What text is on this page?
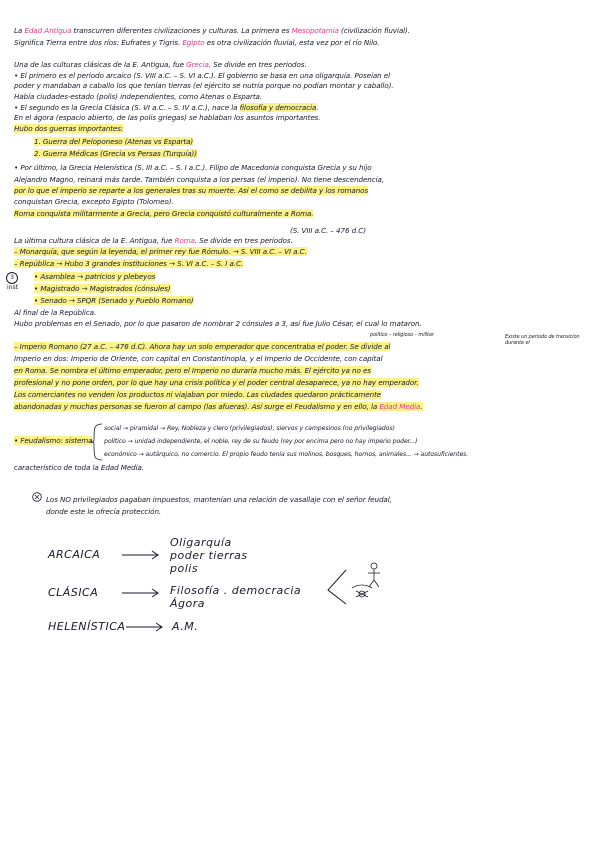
La Edad Antigua transcurren diferentes civilizaciones y culturas. La primera es Mesopotamia (civilización fluvial).
Significa Tierra entre dos ríos: Éufrates y Tigris. Egipto es otra civilización fluvial, esta vez por el río Nilo.
Una de las culturas clásicas de la E. Antigua, fue Grecia. Se divide en tres periodos.
• El primero es el periodo arcaico (S. VIII a.C. – S. VI a.C.). El gobierno se basa en una oligarquía. Poseían el
poder y mandaban a caballo los que tenían tierras (el ejército se nutría porque no podían montar y caballo).
Había ciudades-estado (polis) independientes, como Atenas o Esparta.
• El segundo es la Grecia Clásica (S. VI a.C. – S. IV a.C.), nace la filosofía y democracia.
En el ágora (espacio abierto, de las polis griegas) se hablaban los asuntos importantes.
Hubo dos guerras importantes:
1. Guerra del Peloponeso (Atenas vs Esparta)
2. Guerra Médicas (Grecia vs Persas (Turquía))
• Por último, la Grecia Helenística (S. III a.C. – S. I a.C.). Filipo de Macedonia conquista Grecia y su hijo
Alejandro Magno, reinará más tarde. También conquista a los persas (el imperio). No tiene descendencia,
por lo que el imperio se reparte a los generales tras su muerte. Así el como se debilita y los romanos
conquistan Grecia, excepto Egipto (Tolomeo).
Roma conquista militarmente a Grecia, pero Grecia conquistó culturalmente a Roma.
(S. VIII a.C. – 476 d.C)
La última cultura clásica de la E. Antigua, fue Roma. Se divide en tres periodos.
– Monarquía, que según la leyenda, el primer rey fue Rómulo. → S. VIII a.C. – VI a.C.
– República → Hubo 3 grandes instituciones → S. VI a.C. – S. I a.C.
3 inst
• Asamblea → patricios y plebeyos
• Magistrado → Magistrados (cónsules)
• Senado → SPQR (Senado y Pueblo Romano)
Al final de la República.
Hubo problemas en el Senado, por lo que pasaron de nombrar 2 cónsules a 3, así fue Julio César, el cual lo mataron.
político – religioso – militar	Existe un periodo de transición durante el
– Imperio Romano (27 a.C. – 476 d.C). Ahora hay un solo emperador que concentraba el poder. Se divide al
Imperio en dos: Imperio de Oriente, con capital en Constantinopla, y el Imperio de Occidente, con capital
en Roma. Se nombra el último emperador, pero el Imperio no duraría mucho más. El ejército ya no es
profesional y no pone orden, por lo que hay una crisis política y el poder central desaparece, ya no hay emperador.
Los comerciantes no venden los productos ni viajaban por miedo. Las ciudades quedaron prácticamente
abandonadas y muchas personas se fueron al campo (las afueras). Así surge el Feudalismo y en ello, la Edad Media.
• Feudalismo: sistema
social → piramidal → Rey, Nobleza y clero (privilegiados), siervos y campesinos (no privilegiados)
político → unidad independiente, el noble, rey de su feudo (rey por encima pero no hay imperio poder...)
económico → autárquico, no comercio. El propio feudo tenía sus molinos, bosques, hornos, animales... → autosuficientes.
característico de toda la Edad Media.
Los NO privilegiados pagaban impuestos, mantenían una relación de vasallaje con el señor feudal,
donde este le ofrecía protección.
ARCAICA
Oligarquía
poder tierras
polis
CLÁSICA	Filosofía . democracia
Ágora
HELENÍSTICA	A.M.
